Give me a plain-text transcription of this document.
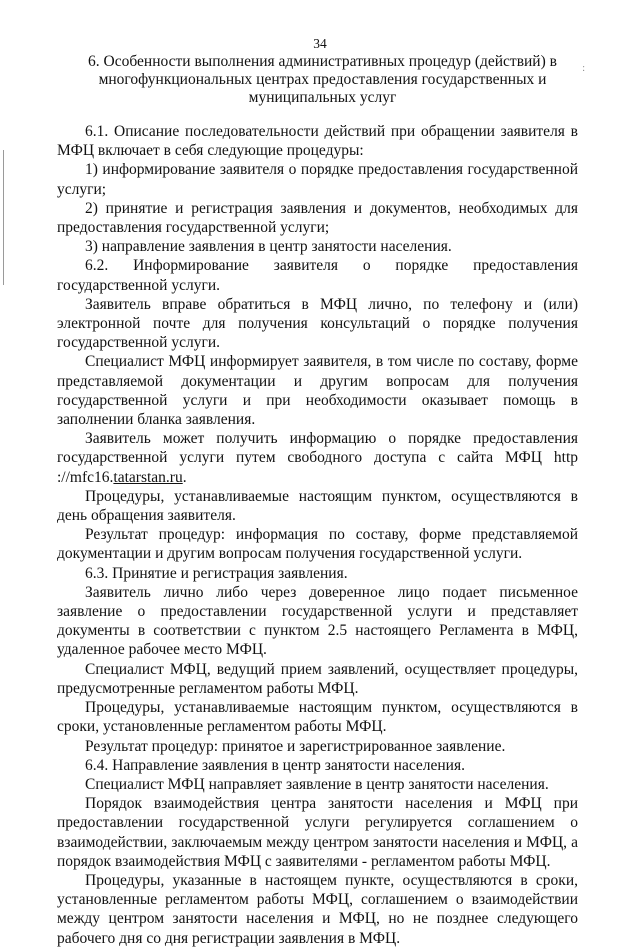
34
6. Особенности выполнения административных процедур (действий) в многофункциональных центрах предоставления государственных и муниципальных услуг
:

6.1. Описание последовательности действий при обращении заявителя в МФЦ включает в себя следующие процедуры:

1) информирование заявителя о порядке предоставления государственной услуги;

2) принятие и регистрация заявления и документов, необходимых для предоставления государственной услуги;

3) направление заявления в центр занятости населения.

6.2. Информирование заявителя о порядке предоставления государственной услуги.

Заявитель вправе обратиться в МФЦ лично, по телефону и (или) электронной почте для получения консультаций о порядке получения государственной услуги.

Специалист МФЦ информирует заявителя, в том числе по составу, форме представляемой документации и другим вопросам для получения государственной услуги и при необходимости оказывает помощь в заполнении бланка заявления.

Заявитель может получить информацию о порядке предоставления государственной услуги путем свободного доступа с сайта МФЦ http ://mfc16.tatarstan.ru.

Процедуры, устанавливаемые настоящим пунктом, осуществляются в день обращения заявителя.

Результат процедур: информация по составу, форме представляемой документации и другим вопросам получения государственной услуги.

6.3. Принятие и регистрация заявления.

Заявитель лично либо через доверенное лицо подает письменное заявление о предоставлении государственной услуги и представляет документы в соответствии с пунктом 2.5 настоящего Регламента в МФЦ, удаленное рабочее место МФЦ.

Специалист МФЦ, ведущий прием заявлений, осуществляет процедуры, предусмотренные регламентом работы МФЦ.

Процедуры, устанавливаемые настоящим пунктом, осуществляются в сроки, установленные регламентом работы МФЦ.

Результат процедур: принятое и зарегистрированное заявление.

6.4. Направление заявления в центр занятости населения.

Специалист МФЦ направляет заявление в центр занятости населения.

Порядок взаимодействия центра занятости населения и МФЦ при предоставлении государственной услуги регулируется соглашением о взаимодействии, заключаемым между центром занятости населения и МФЦ, а порядок взаимодействия МФЦ с заявителями - регламентом работы МФЦ.

Процедуры, указанные в настоящем пункте, осуществляются в сроки, установленные регламентом работы МФЦ, соглашением о взаимодействии между центром занятости населения и МФЦ, но не позднее следующего рабочего дня со дня регистрации заявления в МФЦ.
